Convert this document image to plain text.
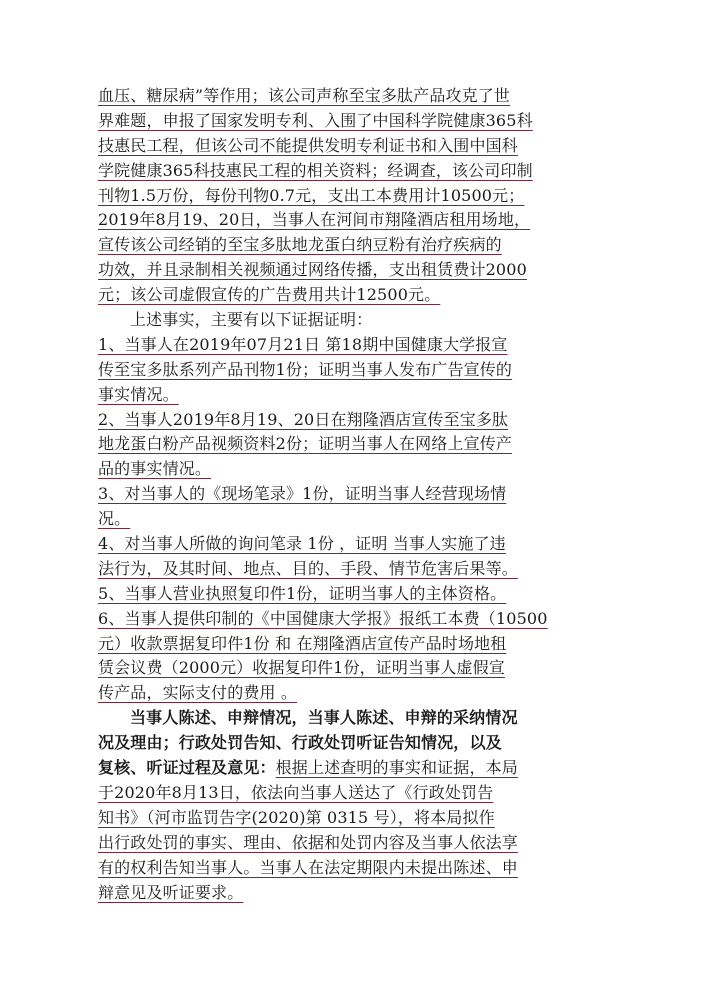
血压、糖尿病”等作用；该公司声称至宝多肽产品攻克了世
界难题，申报了国家发明专利、入围了中国科学院健康365科
技惠民工程，但该公司不能提供发明专利证书和入围中国科
学院健康365科技惠民工程的相关资料；经调查，该公司印制
刊物1.5万份，每份刊物0.7元，支出工本费用计10500元；
2019年8月19、20日，当事人在河间市翔隆酒店租用场地，
宣传该公司经销的至宝多肽地龙蛋白纳豆粉有治疗疾病的
功效，并且录制相关视频通过网络传播，支出租赁费计2000
元；该公司虚假宣传的广告费用共计12500元。
上述事实，主要有以下证据证明：
1、当事人在2019年07月21日 第18期中国健康大学报宣
传至宝多肽系列产品刊物1份；证明当事人发布广告宣传的
事实情况。
2、当事人2019年8月19、20日在翔隆酒店宣传至宝多肽
地龙蛋白粉产品视频资料2份；证明当事人在网络上宣传产
品的事实情况。
3、对当事人的《现场笔录》1份，证明当事人经营现场情
况。
4、对当事人所做的询问笔录 1份 ，证明 当事人实施了违
法行为，及其时间、地点、目的、手段、情节危害后果等。
5、当事人营业执照复印件1份，证明当事人的主体资格。
6、当事人提供印制的《中国健康大学报》报纸工本费（10500
元）收款票据复印件1份 和 在翔隆酒店宣传产品时场地租
赁会议费（2000元）收据复印件1份，证明当事人虚假宣
传产品，实际支付的费用 。
当事人陈述、申辩情况，当事人陈述、申辩的采纳情况
况及理由；行政处罚告知、行政处罚听证告知情况，以及
复核、听证过程及意见：根据上述查明的事实和证据，本局
于2020年8月13日，依法向当事人送达了《行政处罚告
知书》（河市监罚告字(2020)第 0315 号），将本局拟作
出行政处罚的事实、理由、依据和处罚内容及当事人依法享
有的权利告知当事人。当事人在法定期限内未提出陈述、申
辩意见及听证要求。
